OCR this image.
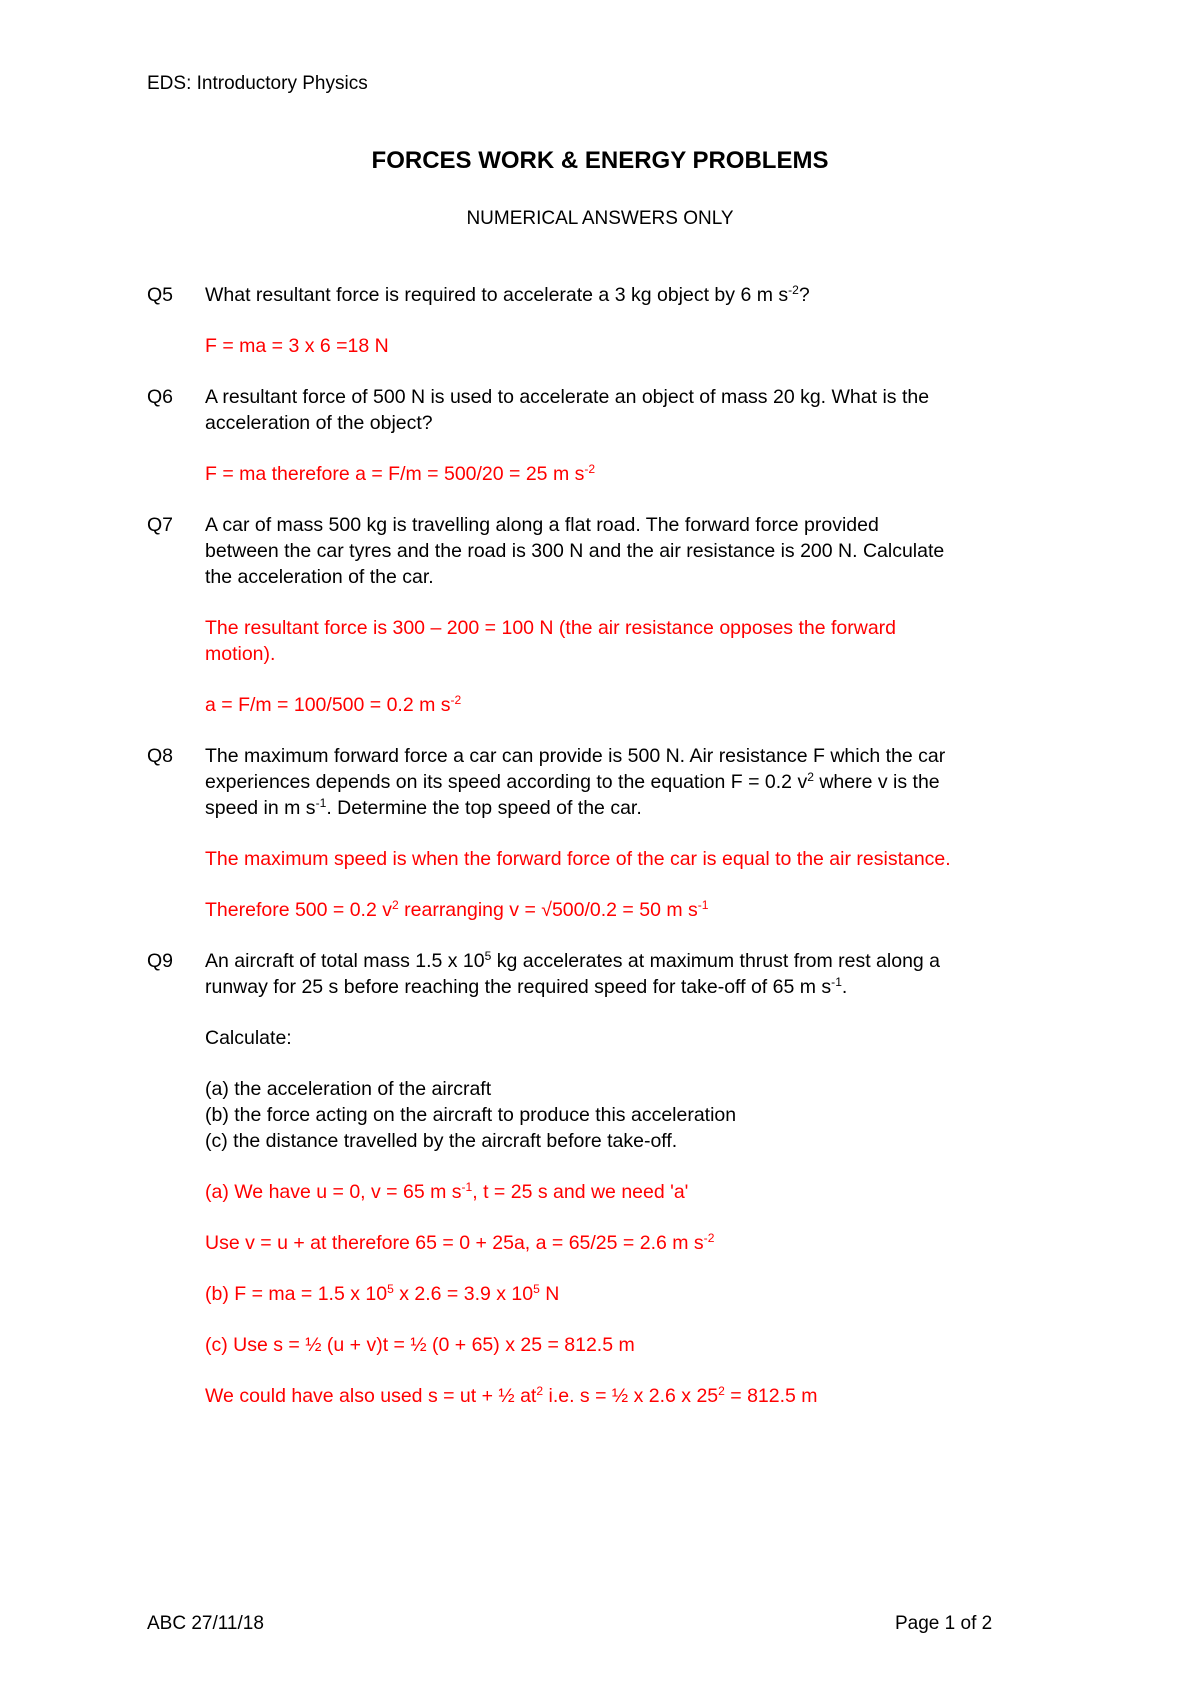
EDS: Introductory Physics
FORCES WORK & ENERGY PROBLEMS
NUMERICAL ANSWERS ONLY
Q5 What resultant force is required to accelerate a 3 kg object by 6 m $s^{-2}$?
F = ma = 3 x 6 =18 N
Q6 A resultant force of 500 N is used to accelerate an object of mass 20 kg. What is the
acceleration of the object?
F = ma therefore a = F/m = 500/20 = 25 m $s^{-2}$
Q7 A car of mass 500 kg is travelling along a flat road. The forward force provided
between the car tyres and the road is 300 N and the air resistance is 200 N. Calculate
the acceleration of the car.
The resultant force is 300 – 200 = 100 N (the air resistance opposes the forward
motion).
a = F/m = 100/500 = 0.2 m $s^{-2}$
Q8 The maximum forward force a car can provide is 500 N. Air resistance F which the car
experiences depends on its speed according to the equation F = 0.2 $v^2$ where v is the
speed in m $s^{-1}$. Determine the top speed of the car.
The maximum speed is when the forward force of the car is equal to the air resistance.
Therefore 500 = 0.2 $v^2$ rearranging v = √500/0.2 = 50 m $s^{-1}$
Q9 An aircraft of total mass 1.5 x $10^5$ kg accelerates at maximum thrust from rest along a
runway for 25 s before reaching the required speed for take-off of 65 m $s^{-1}$.
Calculate:
(a) the acceleration of the aircraft
(b) the force acting on the aircraft to produce this acceleration
(c) the distance travelled by the aircraft before take-off.
(a) We have u = 0, v = 65 m $s^{-1}$, t = 25 s and we need 'a'
Use v = u + at therefore 65 = 0 + 25a, a = 65/25 = 2.6 m $s^{-2}$
(b) F = ma = 1.5 x $10^5$ x 2.6 = 3.9 x $10^5$ N
(c) Use s = ½ (u + v)t = ½ (0 + 65) x 25 = 812.5 m
We could have also used s = ut + ½ $at^2$ i.e. s = ½ x 2.6 x $25^2 = 812.5$ m
ABC 27/11/18	Page 1 of 2
